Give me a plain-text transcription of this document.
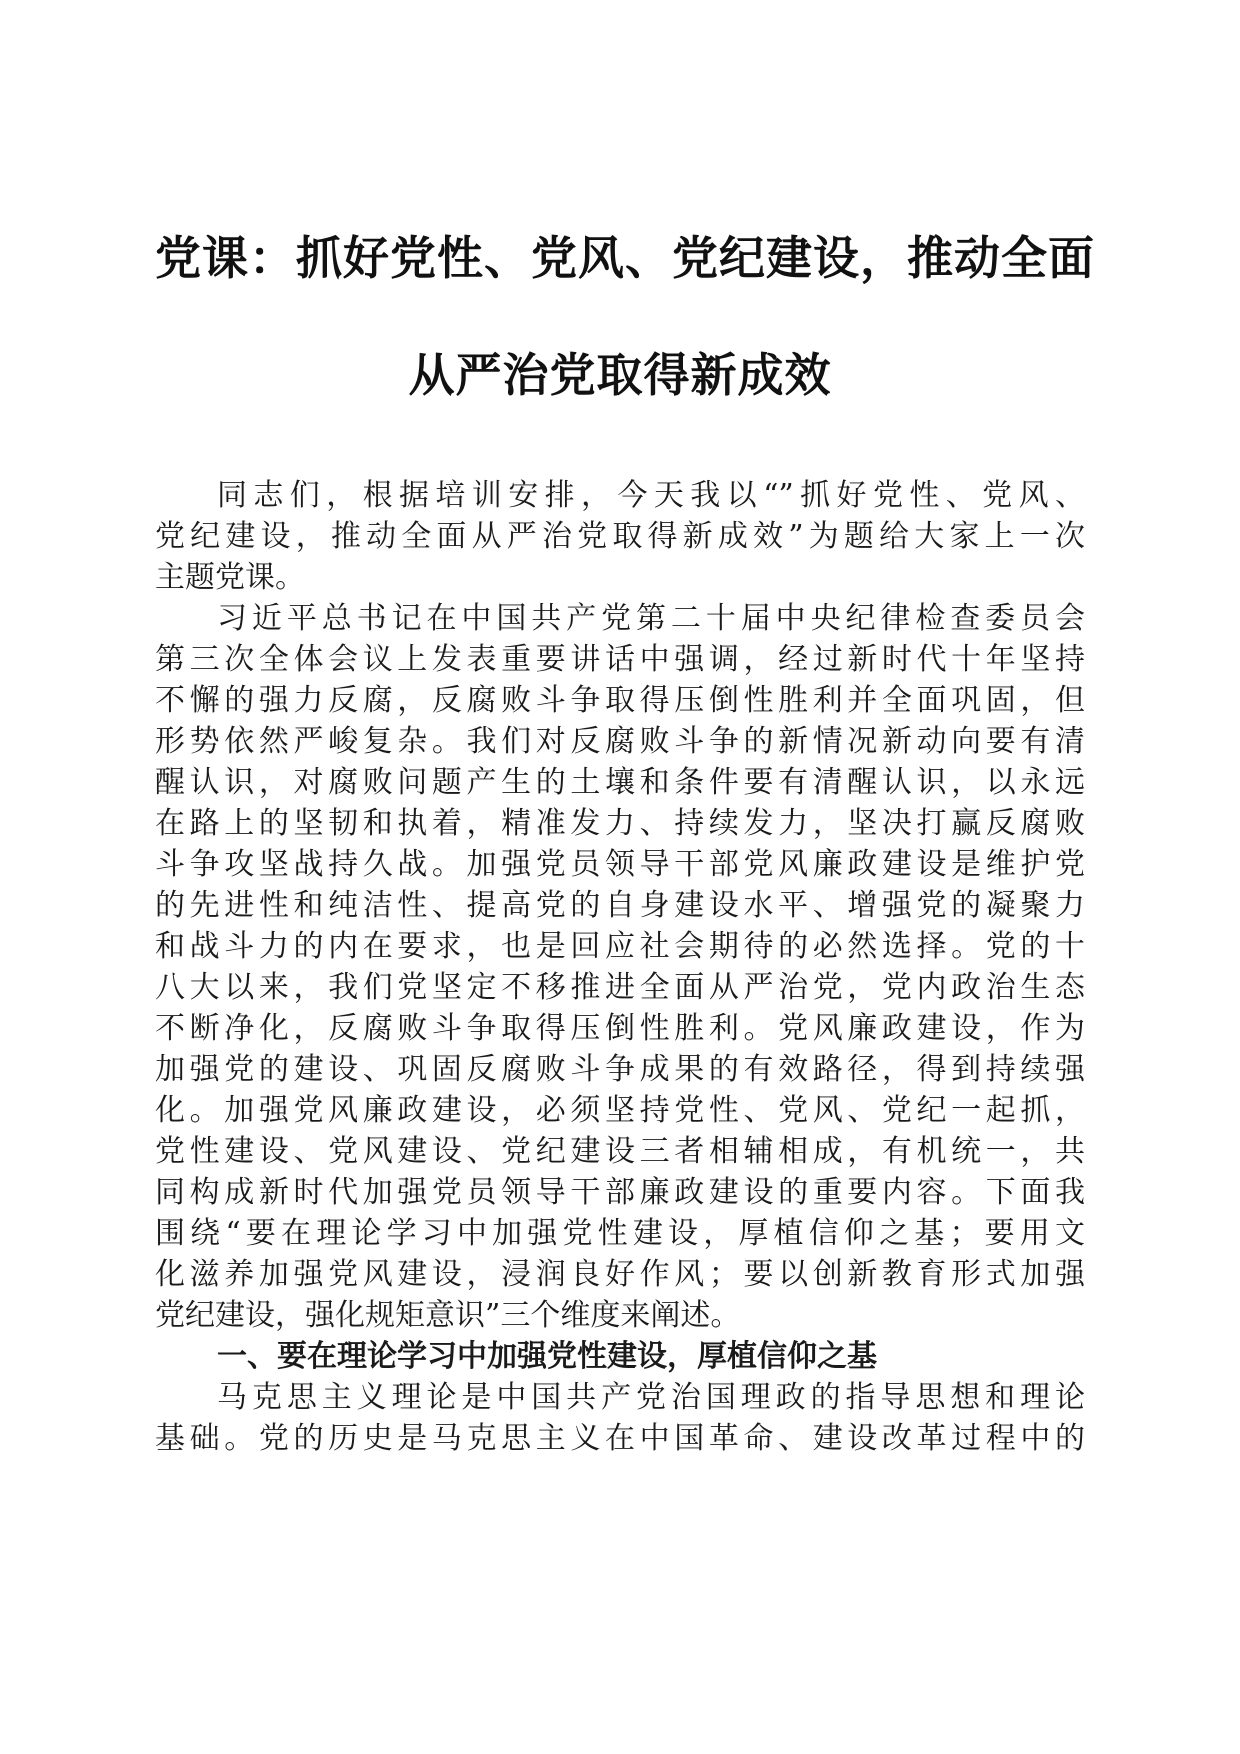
党课：抓好党性、党风、党纪建设，推动全面
从严治党取得新成效
同志们，根据培训安排，今天我以“”抓好党性、党风、
党纪建设，推动全面从严治党取得新成效”为题给大家上一次
主题党课。
习近平总书记在中国共产党第二十届中央纪律检查委员会
第三次全体会议上发表重要讲话中强调，经过新时代十年坚持
不懈的强力反腐，反腐败斗争取得压倒性胜利并全面巩固，但
形势依然严峻复杂。我们对反腐败斗争的新情况新动向要有清
醒认识，对腐败问题产生的土壤和条件要有清醒认识，以永远
在路上的坚韧和执着，精准发力、持续发力，坚决打赢反腐败
斗争攻坚战持久战。加强党员领导干部党风廉政建设是维护党
的先进性和纯洁性、提高党的自身建设水平、增强党的凝聚力
和战斗力的内在要求，也是回应社会期待的必然选择。党的十
八大以来，我们党坚定不移推进全面从严治党，党内政治生态
不断净化，反腐败斗争取得压倒性胜利。党风廉政建设，作为
加强党的建设、巩固反腐败斗争成果的有效路径，得到持续强
化。加强党风廉政建设，必须坚持党性、党风、党纪一起抓，
党性建设、党风建设、党纪建设三者相辅相成，有机统一，共
同构成新时代加强党员领导干部廉政建设的重要内容。下面我
围绕“要在理论学习中加强党性建设，厚植信仰之基；要用文
化滋养加强党风建设，浸润良好作风；要以创新教育形式加强
党纪建设，强化规矩意识”三个维度来阐述。
一、要在理论学习中加强党性建设，厚植信仰之基
马克思主义理论是中国共产党治国理政的指导思想和理论
基础。党的历史是马克思主义在中国革命、建设改革过程中的
